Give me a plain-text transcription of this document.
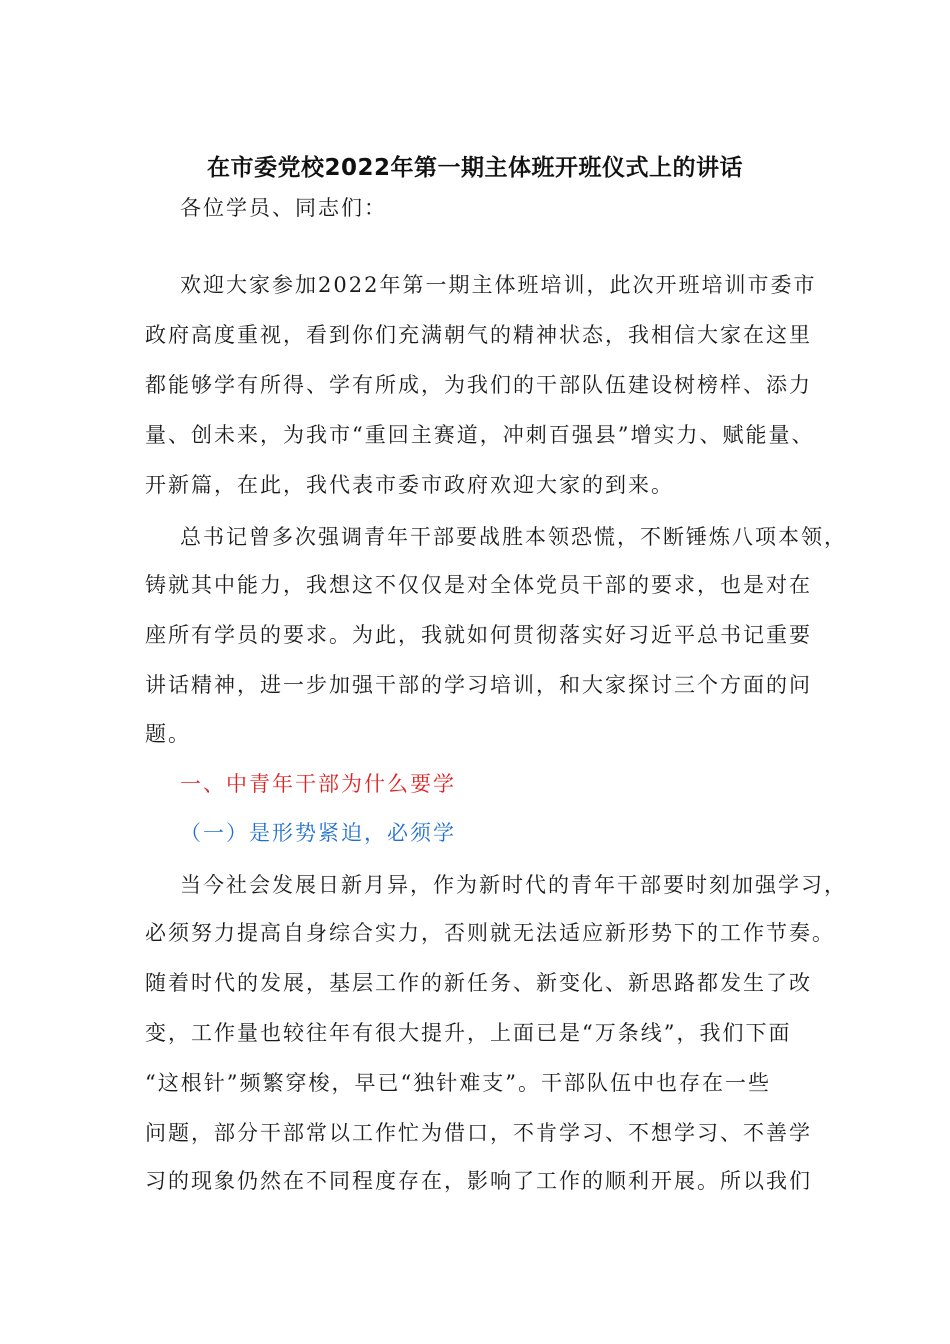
在市委党校2022年第一期主体班开班仪式上的讲话
各位学员、同志们：
欢迎大家参加2022年第一期主体班培训，此次开班培训市委市
政府高度重视，看到你们充满朝气的精神状态，我相信大家在这里
都能够学有所得、学有所成，为我们的干部队伍建设树榜样、添力
量、创未来，为我市“重回主赛道，冲刺百强县”增实力、赋能量、
开新篇，在此，我代表市委市政府欢迎大家的到来。
总书记曾多次强调青年干部要战胜本领恐慌，不断锤炼八项本领，
铸就其中能力，我想这不仅仅是对全体党员干部的要求，也是对在
座所有学员的要求。为此，我就如何贯彻落实好习近平总书记重要
讲话精神，进一步加强干部的学习培训，和大家探讨三个方面的问
题。
一、中青年干部为什么要学
（一）是形势紧迫，必须学
当今社会发展日新月异，作为新时代的青年干部要时刻加强学习，
必须努力提高自身综合实力，否则就无法适应新形势下的工作节奏。
随着时代的发展，基层工作的新任务、新变化、新思路都发生了改
变，工作量也较往年有很大提升，上面已是“万条线”，我们下面
“这根针”频繁穿梭，早已“独针难支”。干部队伍中也存在一些
问题，部分干部常以工作忙为借口，不肯学习、不想学习、不善学
习的现象仍然在不同程度存在，影响了工作的顺利开展。所以我们
